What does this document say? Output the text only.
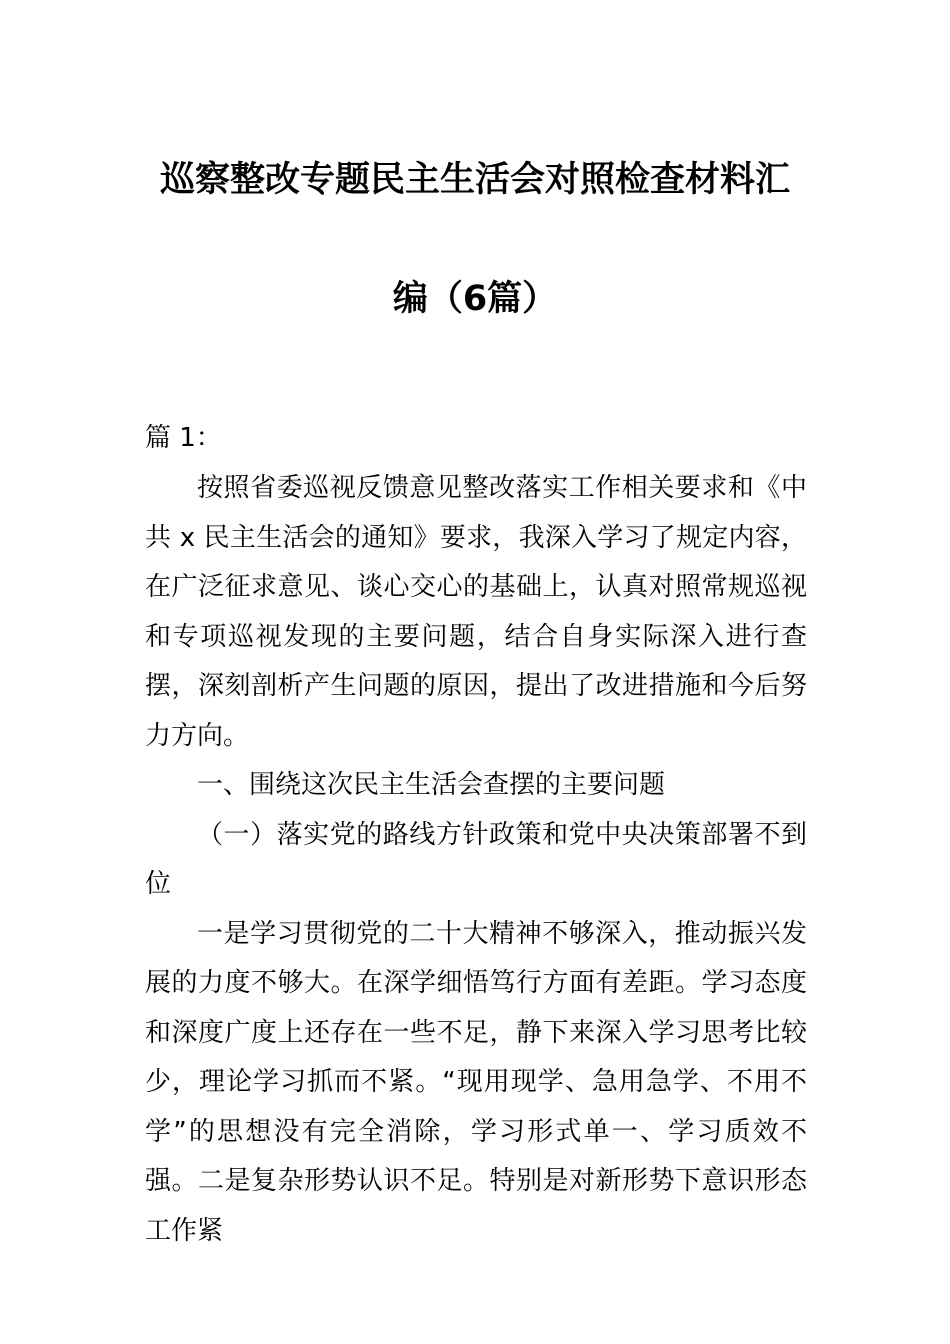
巡察整改专题民主生活会对照检查材料汇
编（6篇）
篇 1：

按照省委巡视反馈意见整改落实工作相关要求和《中共 x 民主生活会的通知》要求，我深入学习了规定内容，在广泛征求意见、谈心交心的基础上，认真对照常规巡视和专项巡视发现的主要问题，结合自身实际深入进行查摆，深刻剖析产生问题的原因，提出了改进措施和今后努力方向。

一、围绕这次民主生活会查摆的主要问题

（一）落实党的路线方针政策和党中央决策部署不到位

一是学习贯彻党的二十大精神不够深入，推动振兴发展的力度不够大。在深学细悟笃行方面有差距。学习态度和深度广度上还存在一些不足，静下来深入学习思考比较少，理论学习抓而不紧。“现用现学、急用急学、不用不学”的思想没有完全消除，学习形式单一、学习质效不强。二是复杂形势认识不足。特别是对新形势下意识形态工作紧
